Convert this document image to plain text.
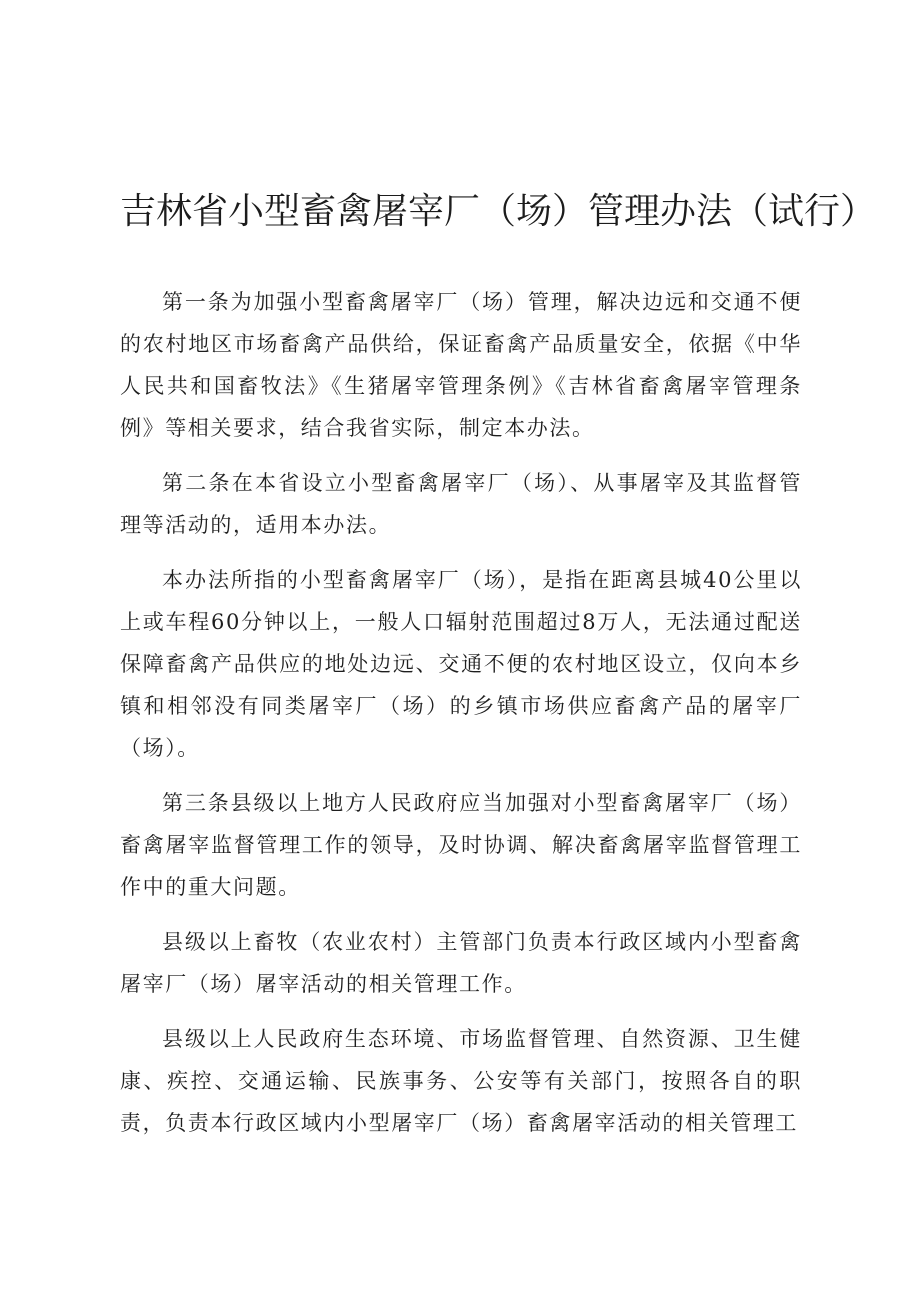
吉林省小型畜禽屠宰厂（场）管理办法（试行）

第一条为加强小型畜禽屠宰厂（场）管理，解决边远和交通不便的农村地区市场畜禽产品供给，保证畜禽产品质量安全，依据《中华人民共和国畜牧法》《生猪屠宰管理条例》《吉林省畜禽屠宰管理条例》等相关要求，结合我省实际，制定本办法。

第二条在本省设立小型畜禽屠宰厂（场）、从事屠宰及其监督管理等活动的，适用本办法。

本办法所指的小型畜禽屠宰厂（场），是指在距离县城40公里以上或车程60分钟以上，一般人口辐射范围超过8万人，无法通过配送保障畜禽产品供应的地处边远、交通不便的农村地区设立，仅向本乡镇和相邻没有同类屠宰厂（场）的乡镇市场供应畜禽产品的屠宰厂（场）。

第三条县级以上地方人民政府应当加强对小型畜禽屠宰厂（场）畜禽屠宰监督管理工作的领导，及时协调、解决畜禽屠宰监督管理工作中的重大问题。

县级以上畜牧（农业农村）主管部门负责本行政区域内小型畜禽屠宰厂（场）屠宰活动的相关管理工作。

县级以上人民政府生态环境、市场监督管理、自然资源、卫生健康、疾控、交通运输、民族事务、公安等有关部门，按照各自的职责，负责本行政区域内小型屠宰厂（场）畜禽屠宰活动的相关管理工
